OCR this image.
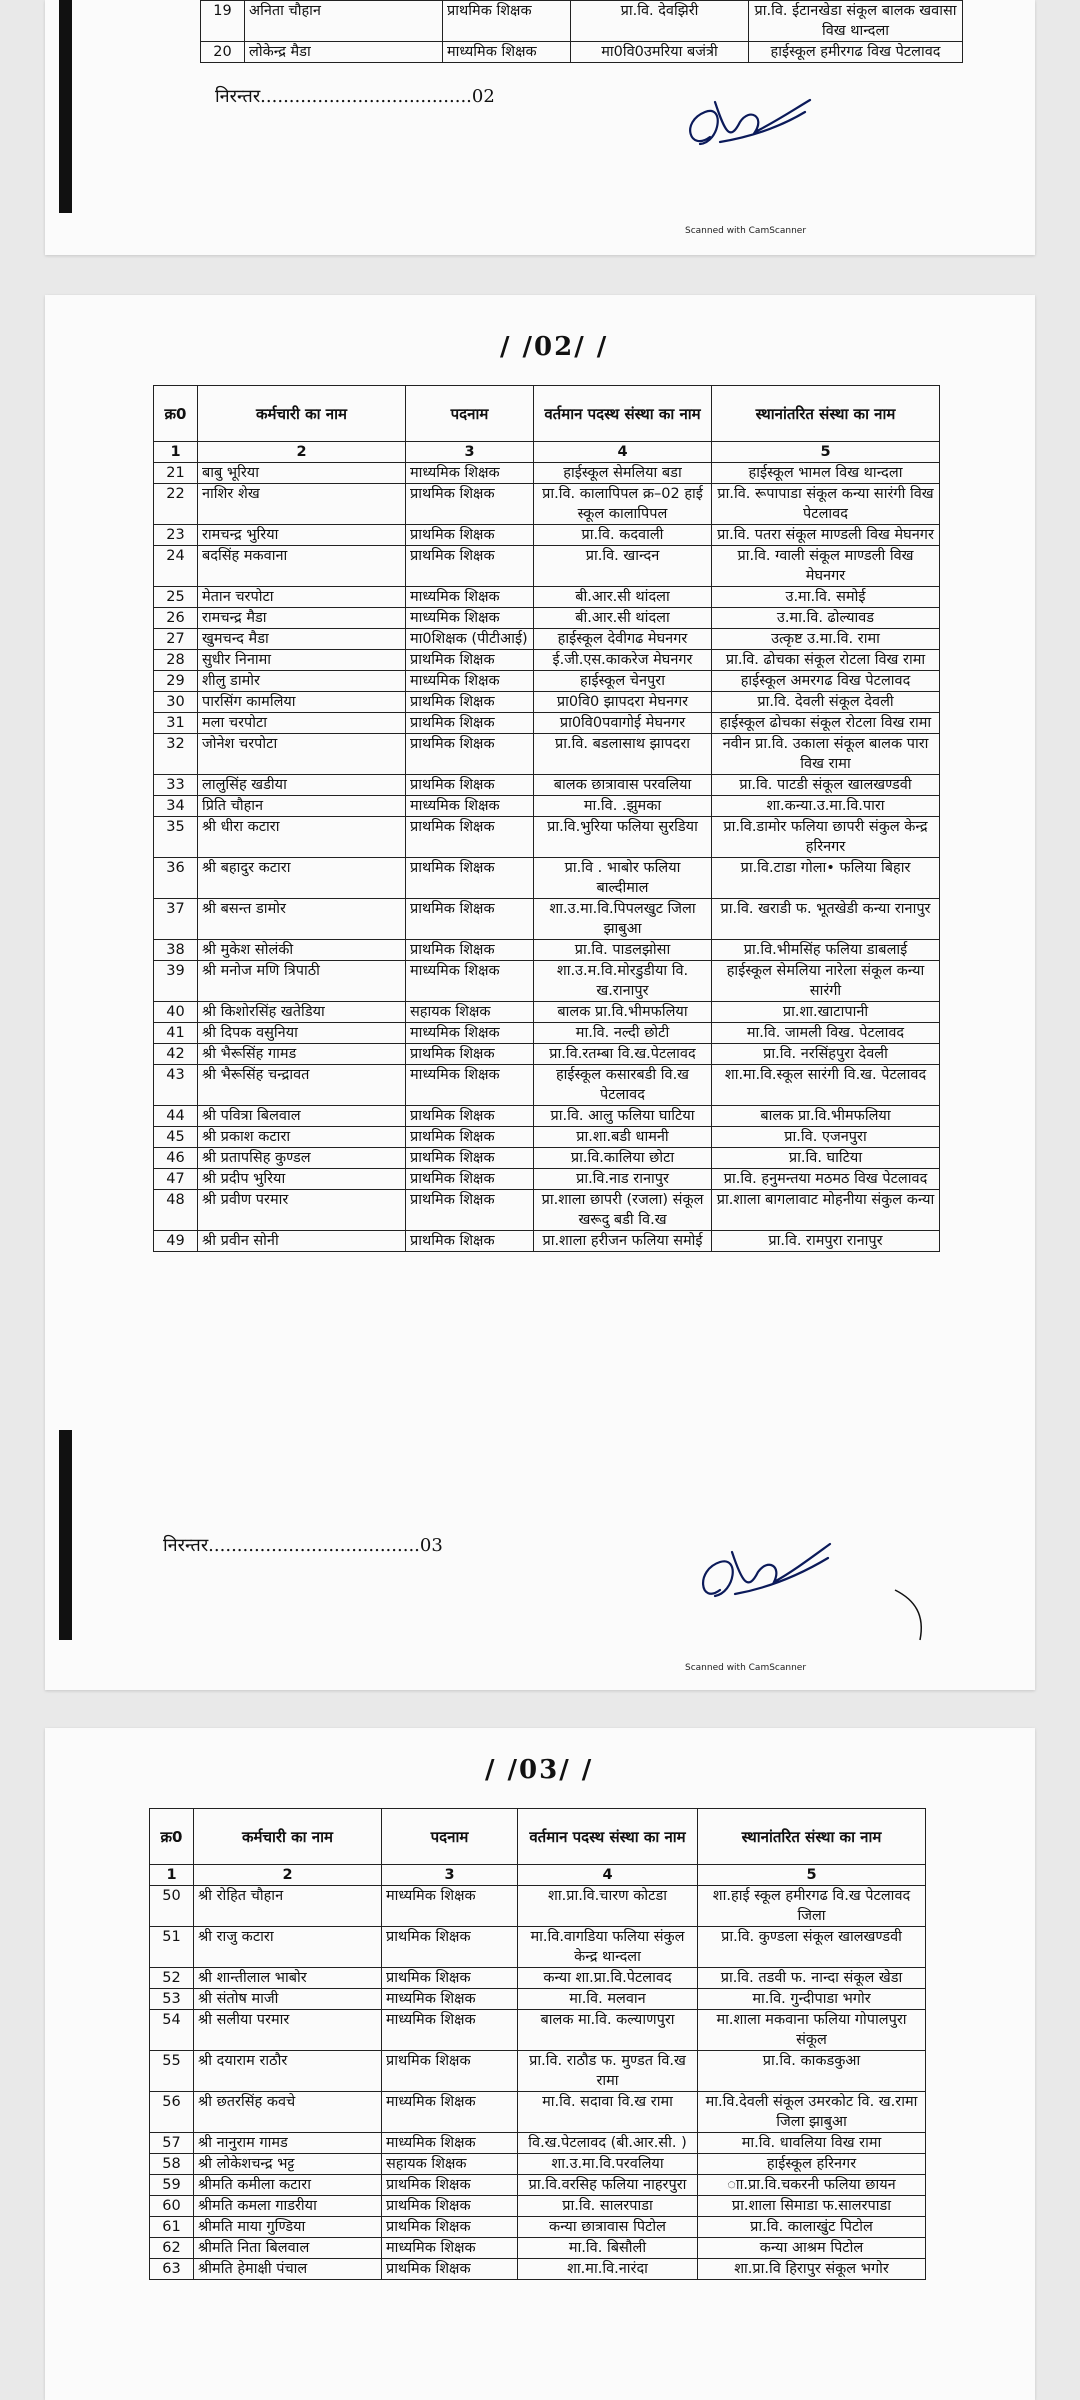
19	अनिता चौहान	प्राथमिक शिक्षक	प्रा.वि. देवझिरी	प्रा.वि. ईटानखेडा संकूल बालक खवासा विख थान्दला
20	लोकेन्द्र मैडा	माध्यमिक शिक्षक	मा0वि0उमरिया बजंत्री	हाईस्कूल हमीरगढ विख पेटलावद
निरन्तर.....................................02
Scanned with CamScanner
/ /02/ /
क्र0	कर्मचारी का नाम	पदनाम	वर्तमान पदस्थ संस्था का नाम	स्थानांतरित संस्था का नाम
1	2	3	4	5
21	बाबु भूरिया	माध्यमिक शिक्षक	हाईस्कूल सेमलिया बडा	हाईस्कूल भामल विख थान्दला
22	नाशिर शेख	प्राथमिक शिक्षक	प्रा.वि. कालापिपल क्र–02 हाई स्कूल कालापिपल	प्रा.वि. रूपापाडा संकूल कन्या सारंगी विख पेटलावद
23	रामचन्द्र भुरिया	प्राथमिक शिक्षक	प्रा.वि. कदवाली	प्रा.वि. पतरा संकूल माण्डली विख मेघनगर
24	बदसिंह मकवाना	प्राथमिक शिक्षक	प्रा.वि. खान्दन	प्रा.वि. ग्वाली संकूल माण्डली विख मेघनगर
25	मेतान चरपोटा	माध्यमिक शिक्षक	बी.आर.सी थांदला	उ.मा.वि. समोई
26	रामचन्द्र मैडा	माध्यमिक शिक्षक	बी.आर.सी थांदला	उ.मा.वि. ढोल्यावड
27	खुमचन्द मैडा	मा0शिक्षक (पीटीआई)	हाईस्कूल देवीगढ मेघनगर	उत्कृष्ट उ.मा.वि. रामा
28	सुधीर निनामा	प्राथमिक शिक्षक	ई.जी.एस.काकरेज मेघनगर	प्रा.वि. ढोचका संकूल रोटला विख रामा
29	शीलु डामोर	माध्यमिक शिक्षक	हाईस्कूल चेनपुरा	हाईस्कूल अमरगढ विख पेटलावद
30	पारसिंग कामलिया	प्राथमिक शिक्षक	प्रा0वि0 झापदरा मेघनगर	प्रा.वि. देवली संकूल देवली
31	मला चरपोटा	प्राथमिक शिक्षक	प्रा0वि0पवागोई मेघनगर	हाईस्कूल ढोचका संकूल रोटला विख रामा
32	जोनेश चरपोटा	प्राथमिक शिक्षक	प्रा.वि. बडलासाथ झापदरा	नवीन प्रा.वि. उकाला संकूल बालक पारा विख रामा
33	लालुसिंह खडीया	प्राथमिक शिक्षक	बालक छात्रावास परवलिया	प्रा.वि. पाटडी संकूल खालखण्डवी
34	प्रिति चौहान	माध्यमिक शिक्षक	मा.वि. .झुमका	शा.कन्या.उ.मा.वि.पारा
35	श्री धीरा कटारा	प्राथमिक शिक्षक	प्रा.वि.भुरिया फलिया सुरडिया	प्रा.वि.डामोर फलिया छापरी संकुल केन्द्र हरिनगर
36	श्री बहादुर कटारा	प्राथमिक शिक्षक	प्रा.वि . भाबोर फलिया बाल्दीमाल	प्रा.वि.टाडा गोला• फलिया बिहार
37	श्री बसन्त डामोर	प्राथमिक शिक्षक	शा.उ.मा.वि.पिपलखुट जिला झाबुआ	प्रा.वि. खराडी फ. भूतखेडी कन्या रानापुर
38	श्री मुकेश सोलंकी	प्राथमिक शिक्षक	प्रा.वि. पाडलझोसा	प्रा.वि.भीमसिंह फलिया डाबलाई
39	श्री मनोज मणि त्रिपाठी	माध्यमिक शिक्षक	शा.उ.म.वि.मोरडुडीया वि. ख.रानापुर	हाईस्कूल सेमलिया नारेला संकूल कन्या सारंगी
40	श्री किशोरसिंह खतेडिया	सहायक शिक्षक	बालक प्रा.वि.भीमफलिया	प्रा.शा.खाटापानी
41	श्री दिपक वसुनिया	माध्यमिक शिक्षक	मा.वि. नल्दी छोटी	मा.वि. जामली विख. पेटलावद
42	श्री भैरूसिंह गामड	प्राथमिक शिक्षक	प्रा.वि.रतम्बा वि.ख.पेटलावद	प्रा.वि. नरसिंहपुरा देवली
43	श्री भैरूसिंह चन्द्रावत	माध्यमिक शिक्षक	हाईस्कूल कसारबडी वि.ख पेटलावद	शा.मा.वि.स्कूल सारंगी वि.ख. पेटलावद
44	श्री पवित्रा बिलवाल	प्राथमिक शिक्षक	प्रा.वि. आलु फलिया घाटिया	बालक प्रा.वि.भीमफलिया
45	श्री प्रकाश कटारा	प्राथमिक शिक्षक	प्रा.शा.बडी धामनी	प्रा.वि. एजनपुरा
46	श्री प्रतापसिह कुण्डल	प्राथमिक शिक्षक	प्रा.वि.कालिया छोटा	प्रा.वि. घाटिया
47	श्री प्रदीप भुरिया	प्राथमिक शिक्षक	प्रा.वि.नाड रानापुर	प्रा.वि. हनुमन्तया मठमठ विख पेटलावद
48	श्री प्रवीण परमार	प्राथमिक शिक्षक	प्रा.शाला छापरी (रजला) संकूल खरूदु बडी वि.ख	प्रा.शाला बागलावाट मोहनीया संकुल कन्या
49	श्री प्रवीन सोनी	प्राथमिक शिक्षक	प्रा.शाला हरीजन फलिया समोई	प्रा.वि. रामपुरा रानापुर
निरन्तर.....................................03
Scanned with CamScanner
/ /03/ /
क्र0	कर्मचारी का नाम	पदनाम	वर्तमान पदस्थ संस्था का नाम	स्थानांतरित संस्था का नाम
1	2	3	4	5
50	श्री रोहित चौहान	माध्यमिक शिक्षक	शा.प्रा.वि.चारण कोटडा	शा.हाई स्कूल हमीरगढ वि.ख पेटलावद जिला
51	श्री राजु कटारा	प्राथमिक शिक्षक	मा.वि.वागडिया फलिया संकुल केन्द्र थान्दला	प्रा.वि. कुण्डला संकूल खालखण्डवी
52	श्री शान्तीलाल भाबोर	प्राथमिक शिक्षक	कन्या शा.प्रा.वि.पेटलावद	प्रा.वि. तडवी फ. नान्दा संकूल खेडा
53	श्री संतोष माजी	माध्यमिक शिक्षक	मा.वि. मलवान	मा.वि. गुन्दीपाडा भगोर
54	श्री सलीया परमार	माध्यमिक शिक्षक	बालक मा.वि. कल्याणपुरा	मा.शाला मकवाना फलिया गोपालपुरा संकूल
55	श्री दयाराम राठौर	प्राथमिक शिक्षक	प्रा.वि. राठौड फ. मुण्डत वि.ख रामा	प्रा.वि. काकडकुआ
56	श्री छतरसिंह कवचे	माध्यमिक शिक्षक	मा.वि. सदावा वि.ख रामा	मा.वि.देवली संकूल उमरकोट वि. ख.रामा जिला झाबुआ
57	श्री नानुराम गामड	माध्यमिक शिक्षक	वि.ख.पेटलावद (बी.आर.सी. )	मा.वि. धावलिया विख रामा
58	श्री लोकेशचन्द्र भट्ट	सहायक शिक्षक	शा.उ.मा.वि.परवलिया	हाईस्कूल हरिनगर
59	श्रीमति कमीला कटारा	प्राथमिक शिक्षक	प्रा.वि.वरसिह फलिया नाहरपुरा	ाा.प्रा.वि.चकरनी फलिया छायन
60	श्रीमति कमला गाडरीया	प्राथमिक शिक्षक	प्रा.वि. सालरपाडा	प्रा.शाला सिमाडा फ.सालरपाडा
61	श्रीमति माया गुण्डिया	प्राथमिक शिक्षक	कन्या छात्रावास पिटोल	प्रा.वि. कालाखुंट पिटोल
62	श्रीमति निता बिलवाल	माध्यमिक शिक्षक	मा.वि. बिसौली	कन्या आश्रम पिटोल
63	श्रीमति हेमाक्षी पंचाल	प्राथमिक शिक्षक	शा.मा.वि.नारंदा	शा.प्रा.वि हिरापुर संकूल भगोर
